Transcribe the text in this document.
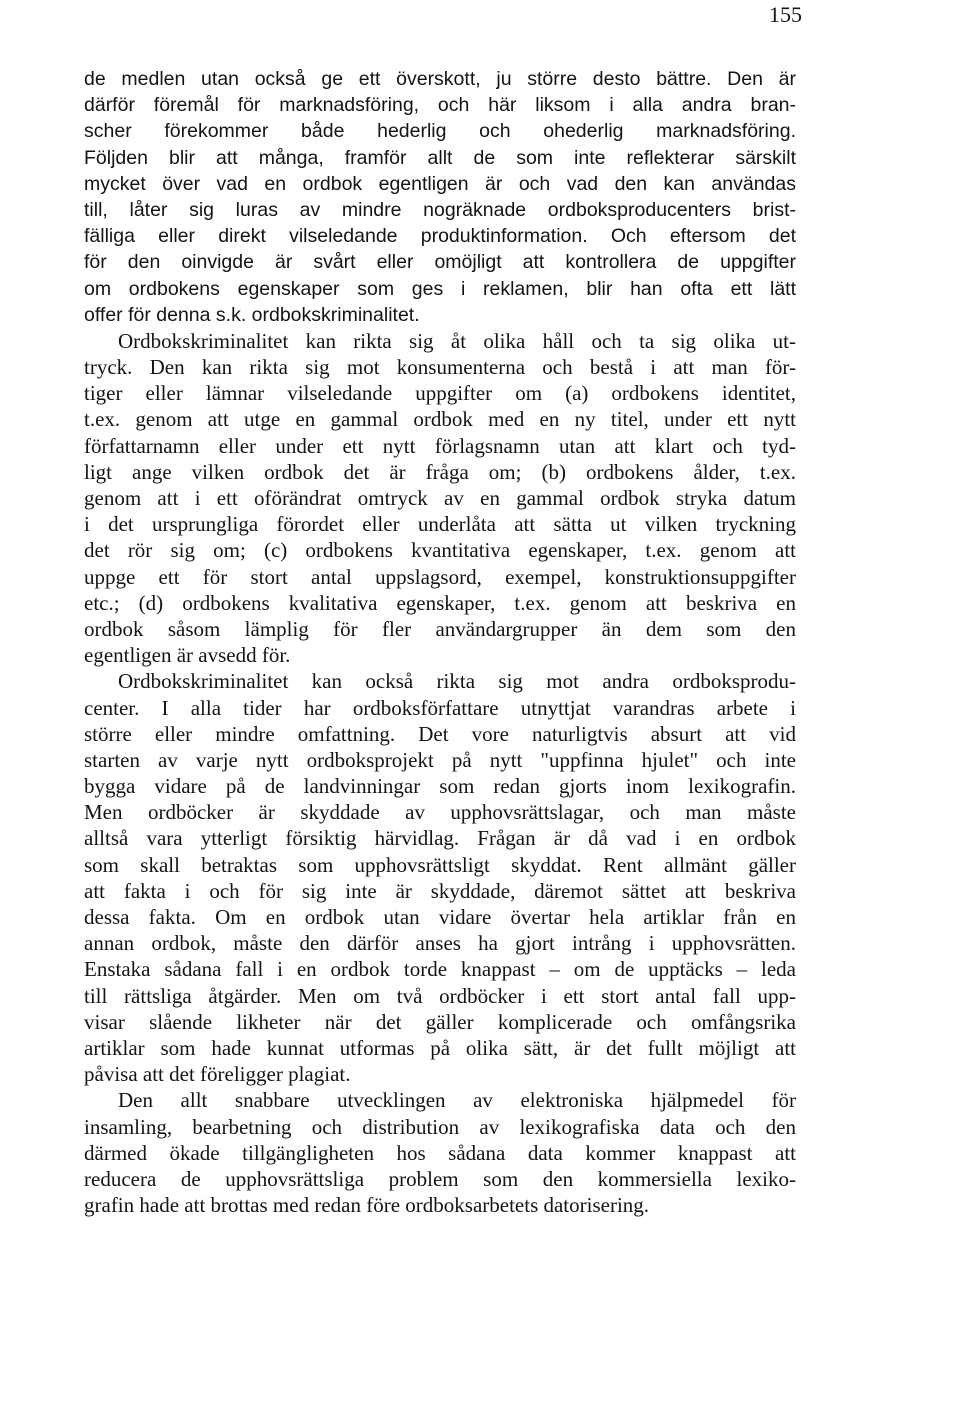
155
de medlen utan också ge ett överskott, ju större desto bättre. Den är
därför föremål för marknadsföring, och här liksom i alla andra bran-
scher förekommer både hederlig och ohederlig marknadsföring.
Följden blir att många, framför allt de som inte reflekterar särskilt
mycket över vad en ordbok egentligen är och vad den kan användas
till, låter sig luras av mindre nogräknade ordboksproducenters brist-
fälliga eller direkt vilseledande produktinformation. Och eftersom det
för den oinvigde är svårt eller omöjligt att kontrollera de uppgifter
om ordbokens egenskaper som ges i reklamen, blir han ofta ett lätt
offer för denna s.k. ordbokskriminalitet.
Ordbokskriminalitet kan rikta sig åt olika håll och ta sig olika ut-
tryck. Den kan rikta sig mot konsumenterna och bestå i att man för-
tiger eller lämnar vilseledande uppgifter om (a) ordbokens identitet,
t.ex. genom att utge en gammal ordbok med en ny titel, under ett nytt
författarnamn eller under ett nytt förlagsnamn utan att klart och tyd-
ligt ange vilken ordbok det är fråga om; (b) ordbokens ålder, t.ex.
genom att i ett oförändrat omtryck av en gammal ordbok stryka datum
i det ursprungliga förordet eller underlåta att sätta ut vilken tryckning
det rör sig om; (c) ordbokens kvantitativa egenskaper, t.ex. genom att
uppge ett för stort antal uppslagsord, exempel, konstruktionsuppgifter
etc.; (d) ordbokens kvalitativa egenskaper, t.ex. genom att beskriva en
ordbok såsom lämplig för fler användargrupper än dem som den
egentligen är avsedd för.
Ordbokskriminalitet kan också rikta sig mot andra ordboksprodu-
center. I alla tider har ordboksförfattare utnyttjat varandras arbete i
större eller mindre omfattning. Det vore naturligtvis absurt att vid
starten av varje nytt ordboksprojekt på nytt "uppfinna hjulet" och inte
bygga vidare på de landvinningar som redan gjorts inom lexikografin.
Men ordböcker är skyddade av upphovsrättslagar, och man måste
alltså vara ytterligt försiktig härvidlag. Frågan är då vad i en ordbok
som skall betraktas som upphovsrättsligt skyddat. Rent allmänt gäller
att fakta i och för sig inte är skyddade, däremot sättet att beskriva
dessa fakta. Om en ordbok utan vidare övertar hela artiklar från en
annan ordbok, måste den därför anses ha gjort intrång i upphovsrätten.
Enstaka sådana fall i en ordbok torde knappast – om de upptäcks – leda
till rättsliga åtgärder. Men om två ordböcker i ett stort antal fall upp-
visar slående likheter när det gäller komplicerade och omfångsrika
artiklar som hade kunnat utformas på olika sätt, är det fullt möjligt att
påvisa att det föreligger plagiat.
Den allt snabbare utvecklingen av elektroniska hjälpmedel för
insamling, bearbetning och distribution av lexikografiska data och den
därmed ökade tillgängligheten hos sådana data kommer knappast att
reducera de upphovsrättsliga problem som den kommersiella lexiko-
grafin hade att brottas med redan före ordboksarbetets datorisering.
